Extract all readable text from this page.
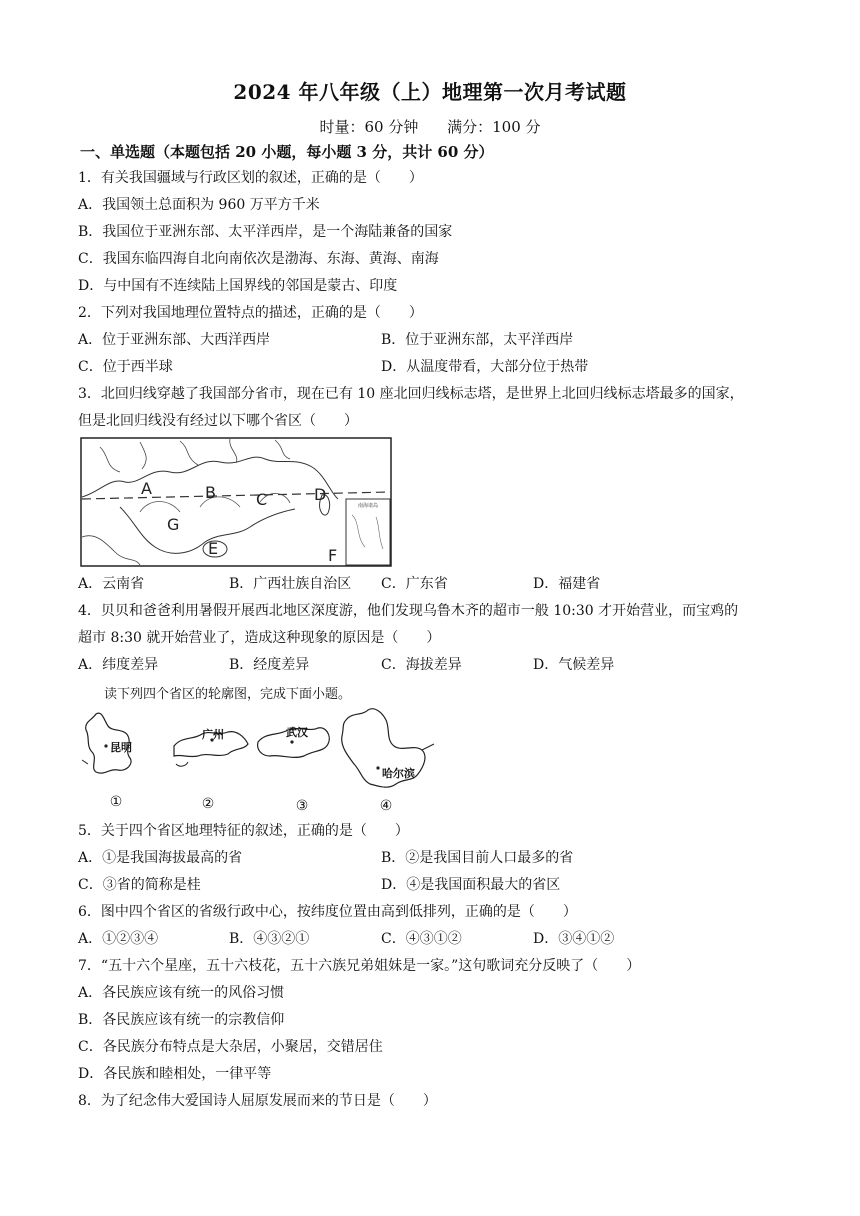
2024 年八年级（上）地理第一次月考试题
时量：60 分钟 满分：100 分
一、单选题（本题包括 20 小题，每小题 3 分，共计 60 分）
1．有关我国疆域与行政区划的叙述，正确的是（　　）
A．我国领土总面积为 960 万平方千米
B．我国位于亚洲东部、太平洋西岸，是一个海陆兼备的国家
C．我国东临四海自北向南依次是渤海、东海、黄海、南海
D．与中国有不连续陆上国界线的邻国是蒙古、印度
2．下列对我国地理位置特点的描述，正确的是（　　）
A．位于亚洲东部、大西洋西岸	B．位于亚洲东部，太平洋西岸
C．位于西半球	D．从温度带看，大部分位于热带
3．北回归线穿越了我国部分省市，现在已有 10 座北回归线标志塔，是世界上北回归线标志塔最多的国家，
但是北回归线没有经过以下哪个省区（　　）
南海诸岛
A	B	C	D
G
E	F
A．云南省	B．广西壮族自治区 C．广东省	D．福建省
4．贝贝和爸爸利用暑假开展西北地区深度游，他们发现乌鲁木齐的超市一般 10:30 才开始营业，而宝鸡的
超市 8:30 就开始营业了，造成这种现象的原因是（　　）
A．纬度差异	B．经度差异	C．海拔差异	D．气候差异
读下列四个省区的轮廓图，完成下面小题。
昆明
广州	武汉
哈尔滨
①	②	③	④
5．关于四个省区地理特征的叙述，正确的是（　　）
A．①是我国海拔最高的省	B．②是我国目前人口最多的省
C．③省的简称是桂	D．④是我国面积最大的省区
6．图中四个省区的省级行政中心，按纬度位置由高到低排列，正确的是（　　）
A．①②③④	B．④③②①	C．④③①②	D．③④①②
7．“五十六个星座，五十六枝花，五十六族兄弟姐妹是一家。”这句歌词充分反映了（　　）
A．各民族应该有统一的风俗习惯
B．各民族应该有统一的宗教信仰
C．各民族分布特点是大杂居，小聚居，交错居住
D．各民族和睦相处，一律平等
8．为了纪念伟大爱国诗人屈原发展而来的节日是（　　）
